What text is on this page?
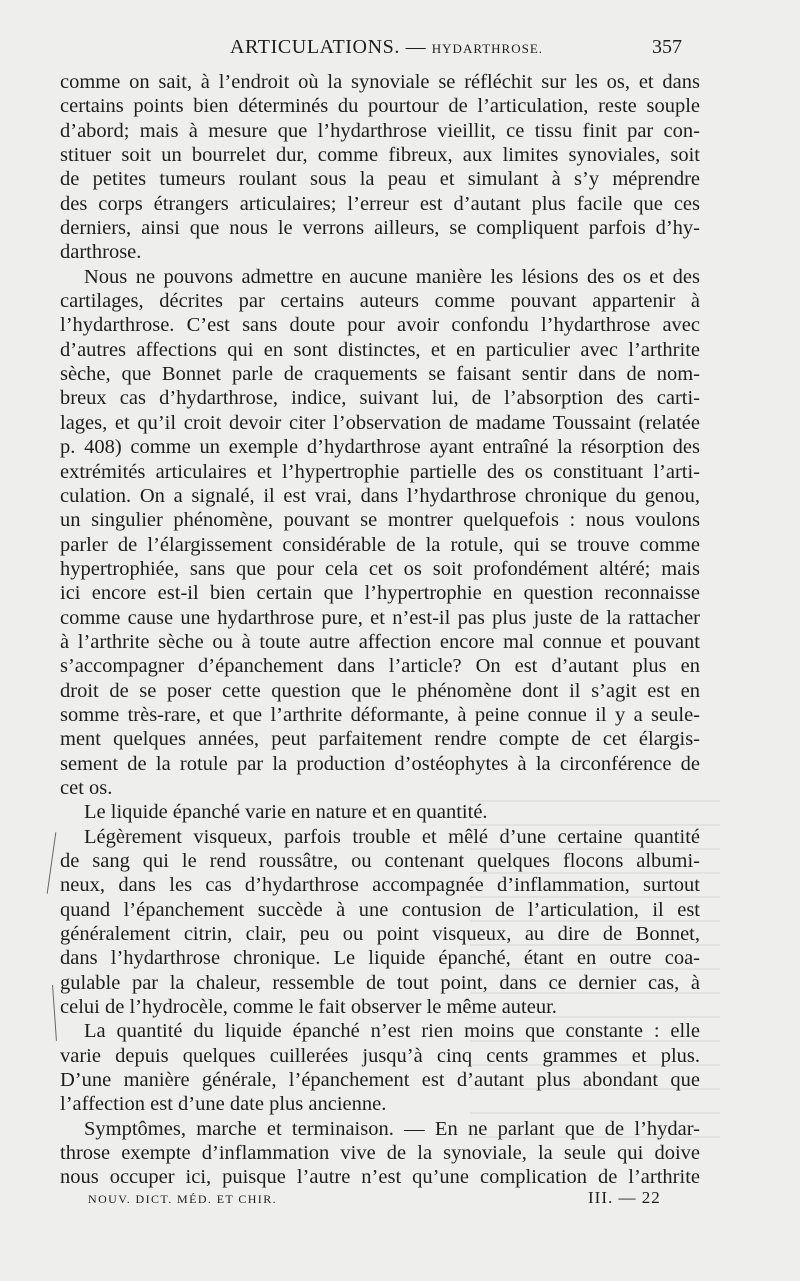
ARTICULATIONS. — HYDARTHROSE.	357
comme on sait, à l’endroit où la synoviale se réfléchit sur les os, et dans
certains points bien déterminés du pourtour de l’articulation, reste souple
d’abord; mais à mesure que l’hydarthrose vieillit, ce tissu finit par con-
stituer soit un bourrelet dur, comme fibreux, aux limites synoviales, soit
de petites tumeurs roulant sous la peau et simulant à s’y méprendre
des corps étrangers articulaires; l’erreur est d’autant plus facile que ces
derniers, ainsi que nous le verrons ailleurs, se compliquent parfois d’hy-
darthrose.
Nous ne pouvons admettre en aucune manière les lésions des os et des
cartilages, décrites par certains auteurs comme pouvant appartenir à
l’hydarthrose. C’est sans doute pour avoir confondu l’hydarthrose avec
d’autres affections qui en sont distinctes, et en particulier avec l’arthrite
sèche, que Bonnet parle de craquements se faisant sentir dans de nom-
breux cas d’hydarthrose, indice, suivant lui, de l’absorption des carti-
lages, et qu’il croit devoir citer l’observation de madame Toussaint (relatée
p. 408) comme un exemple d’hydarthrose ayant entraîné la résorption des
extrémités articulaires et l’hypertrophie partielle des os constituant l’arti-
culation. On a signalé, il est vrai, dans l’hydarthrose chronique du genou,
un singulier phénomène, pouvant se montrer quelquefois : nous voulons
parler de l’élargissement considérable de la rotule, qui se trouve comme
hypertrophiée, sans que pour cela cet os soit profondément altéré; mais
ici encore est-il bien certain que l’hypertrophie en question reconnaisse
comme cause une hydarthrose pure, et n’est-il pas plus juste de la rattacher
à l’arthrite sèche ou à toute autre affection encore mal connue et pouvant
s’accompagner d’épanchement dans l’article? On est d’autant plus en
droit de se poser cette question que le phénomène dont il s’agit est en
somme très-rare, et que l’arthrite déformante, à peine connue il y a seule-
ment quelques années, peut parfaitement rendre compte de cet élargis-
sement de la rotule par la production d’ostéophytes à la circonférence de
cet os.
Le liquide épanché varie en nature et en quantité.
Légèrement visqueux, parfois trouble et mêlé d’une certaine quantité
de sang qui le rend roussâtre, ou contenant quelques flocons albumi-
neux, dans les cas d’hydarthrose accompagnée d’inflammation, surtout
quand l’épanchement succède à une contusion de l’articulation, il est
généralement citrin, clair, peu ou point visqueux, au dire de Bonnet,
dans l’hydarthrose chronique. Le liquide épanché, étant en outre coa-
gulable par la chaleur, ressemble de tout point, dans ce dernier cas, à
celui de l’hydrocèle, comme le fait observer le même auteur.
La quantité du liquide épanché n’est rien moins que constante : elle
varie depuis quelques cuillerées jusqu’à cinq cents grammes et plus.
D’une manière générale, l’épanchement est d’autant plus abondant que
l’affection est d’une date plus ancienne.
Symptômes, marche et terminaison. — En ne parlant que de l’hydar-
throse exempte d’inflammation vive de la synoviale, la seule qui doive
nous occuper ici, puisque l’autre n’est qu’une complication de l’arthrite
NOUV. DICT. MÉD. ET CHIR.	III. — 22
